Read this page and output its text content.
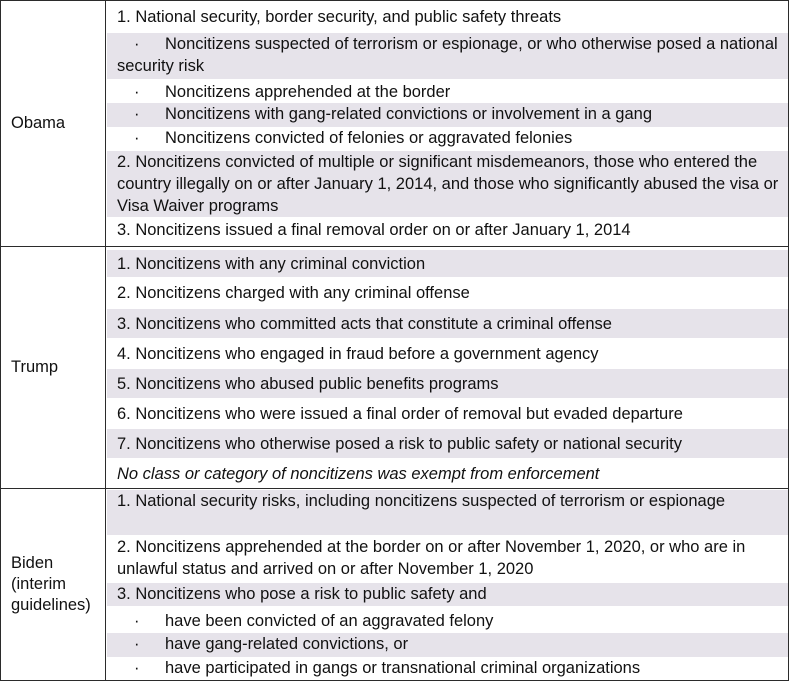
Obama
1. National security, border security, and public safety threats
· Noncitizens suspected of terrorism or espionage, or who otherwise posed a national security risk
· Noncitizens apprehended at the border
· Noncitizens with gang-related convictions or involvement in a gang
· Noncitizens convicted of felonies or aggravated felonies
2. Noncitizens convicted of multiple or significant misdemeanors, those who entered the country illegally on or after January 1, 2014, and those who significantly abused the visa or Visa Waiver programs
3. Noncitizens issued a final removal order on or after January 1, 2014
Trump
1. Noncitizens with any criminal conviction
2. Noncitizens charged with any criminal offense
3. Noncitizens who committed acts that constitute a criminal offense
4. Noncitizens who engaged in fraud before a government agency
5. Noncitizens who abused public benefits programs
6. Noncitizens who were issued a final order of removal but evaded departure
7. Noncitizens who otherwise posed a risk to public safety or national security
No class or category of noncitizens was exempt from enforcement
Biden (interim guidelines)
1. National security risks, including noncitizens suspected of terrorism or espionage
2. Noncitizens apprehended at the border on or after November 1, 2020, or who are in unlawful status and arrived on or after November 1, 2020
3. Noncitizens who pose a risk to public safety and
· have been convicted of an aggravated felony
· have gang-related convictions, or
· have participated in gangs or transnational criminal organizations
